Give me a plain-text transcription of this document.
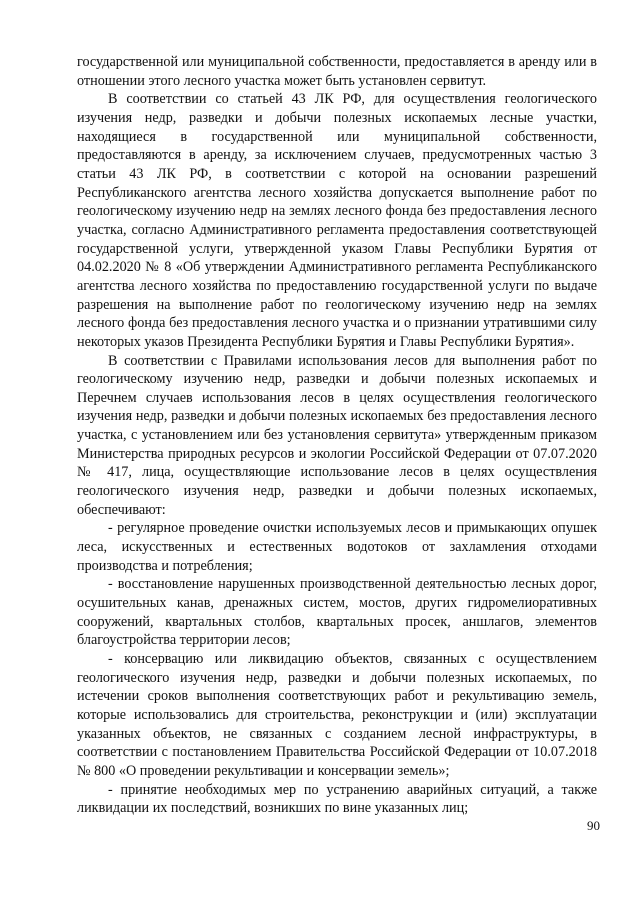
государственной или муниципальной собственности, предоставляется в аренду или в отношении этого лесного участка может быть установлен сервитут.

В соответствии со статьей 43 ЛК РФ, для осуществления геологического изучения недр, разведки и добычи полезных ископаемых лесные участки, находящиеся в государственной или муниципальной собственности, предоставляются в аренду, за исключением случаев, предусмотренных частью 3 статьи 43 ЛК РФ, в соответствии с которой на основании разрешений Республиканского агентства лесного хозяйства допускается выполнение работ по геологическому изучению недр на землях лесного фонда без предоставления лесного участка, согласно Административного регламента предоставления соответствующей государственной услуги, утвержденной указом Главы Республики Бурятия от 04.02.2020 № 8 «Об утверждении Административного регламента Республиканского агентства лесного хозяйства по предоставлению государственной услуги по выдаче разрешения на выполнение работ по геологическому изучению недр на землях лесного фонда без предоставления лесного участка и о признании утратившими силу некоторых указов Президента Республики Бурятия и Главы Республики Бурятия».

В соответствии с Правилами использования лесов для выполнения работ по геологическому изучению недр, разведки и добычи полезных ископаемых и Перечнем случаев использования лесов в целях осуществления геологического изучения недр, разведки и добычи полезных ископаемых без предоставления лесного участка, с установлением или без установления сервитута» утвержденным приказом Министерства природных ресурсов и экологии Российской Федерации от 07.07.2020 № 417, лица, осуществляющие использование лесов в целях осуществления геологического изучения недр, разведки и добычи полезных ископаемых, обеспечивают:

- регулярное проведение очистки используемых лесов и примыкающих опушек леса, искусственных и естественных водотоков от захламления отходами производства и потребления;

- восстановление нарушенных производственной деятельностью лесных дорог, осушительных канав, дренажных систем, мостов, других гидромелиоративных сооружений, квартальных столбов, квартальных просек, аншлагов, элементов благоустройства территории лесов;

- консервацию или ликвидацию объектов, связанных с осуществлением геологического изучения недр, разведки и добычи полезных ископаемых, по истечении сроков выполнения соответствующих работ и рекультивацию земель, которые использовались для строительства, реконструкции и (или) эксплуатации указанных объектов, не связанных с созданием лесной инфраструктуры, в соответствии с постановлением Правительства Российской Федерации от 10.07.2018 № 800 «О проведении рекультивации и консервации земель»;

- принятие необходимых мер по устранению аварийных ситуаций, а также ликвидации их последствий, возникших по вине указанных лиц;

90
